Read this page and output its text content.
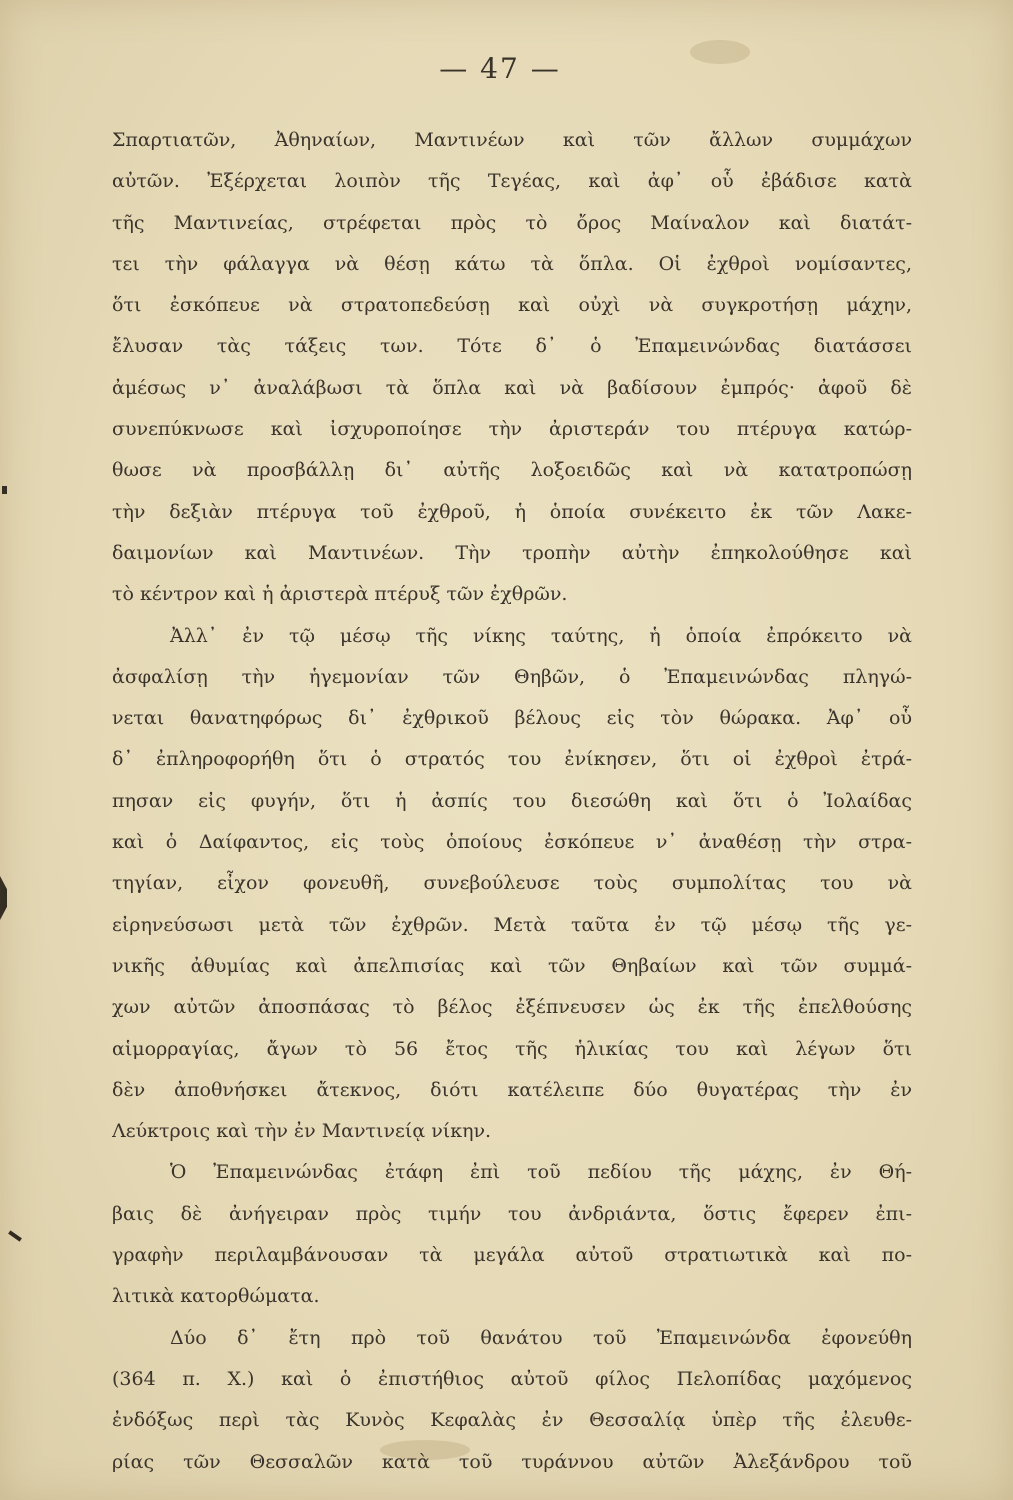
— 47 —
Σπαρτιατῶν, Ἀθηναίων, Μαντινέων καὶ τῶν ἄλλων συμμάχων
αὐτῶν. Ἐξέρχεται λοιπὸν τῆς Τεγέας, καὶ ἀφ᾽ οὗ ἐβάδισε κατὰ
τῆς Μαντινείας, στρέφεται πρὸς τὸ ὄρος Μαίναλον καὶ διατάτ-
τει τὴν φάλαγγα νὰ θέσῃ κάτω τὰ ὅπλα. Οἱ ἐχθροὶ νομίσαντες,
ὅτι ἐσκόπευε νὰ στρατοπεδεύσῃ καὶ οὐχὶ νὰ συγκροτήσῃ μάχην,
ἔλυσαν τὰς τάξεις των. Τότε δ᾽ ὁ Ἐπαμεινώνδας διατάσσει
ἀμέσως ν᾽ ἀναλάβωσι τὰ ὅπλα καὶ νὰ βαδίσουν ἐμπρός· ἀφοῦ δὲ
συνεπύκνωσε καὶ ἰσχυροποίησε τὴν ἀριστεράν του πτέρυγα κατώρ-
θωσε νὰ προσβάλλῃ δι᾽ αὐτῆς λοξοειδῶς καὶ νὰ κατατροπώσῃ
τὴν δεξιὰν πτέρυγα τοῦ ἐχθροῦ, ἡ ὁποία συνέκειτο ἐκ τῶν Λακε-
δαιμονίων καὶ Μαντινέων. Τὴν τροπὴν αὐτὴν ἐπηκολούθησε καὶ
τὸ κέντρον καὶ ἡ ἀριστερὰ πτέρυξ τῶν ἐχθρῶν.
Ἀλλ᾽ ἐν τῷ μέσῳ τῆς νίκης ταύτης, ἡ ὁποία ἐπρόκειτο νὰ
ἀσφαλίσῃ τὴν ἡγεμονίαν τῶν Θηβῶν, ὁ Ἐπαμεινώνδας πληγώ-
νεται θανατηφόρως δι᾽ ἐχθρικοῦ βέλους εἰς τὸν θώρακα. Ἀφ᾽ οὗ
δ᾽ ἐπληροφορήθη ὅτι ὁ στρατός του ἐνίκησεν, ὅτι οἱ ἐχθροὶ ἐτρά-
πησαν εἰς φυγήν, ὅτι ἡ ἀσπίς του διεσώθη καὶ ὅτι ὁ Ἰολαίδας
καὶ ὁ Δαίφαντος, εἰς τοὺς ὁποίους ἐσκόπευε ν᾽ ἀναθέσῃ τὴν στρα-
τηγίαν, εἶχον φονευθῆ, συνεβούλευσε τοὺς συμπολίτας του νὰ
εἰρηνεύσωσι μετὰ τῶν ἐχθρῶν. Μετὰ ταῦτα ἐν τῷ μέσῳ τῆς γε-
νικῆς ἀθυμίας καὶ ἀπελπισίας καὶ τῶν Θηβαίων καὶ τῶν συμμά-
χων αὐτῶν ἀποσπάσας τὸ βέλος ἐξέπνευσεν ὡς ἐκ τῆς ἐπελθούσης
αἱμορραγίας, ἄγων τὸ 56 ἔτος τῆς ἡλικίας του καὶ λέγων ὅτι
δὲν ἀποθνήσκει ἄτεκνος, διότι κατέλειπε δύο θυγατέρας τὴν ἐν
Λεύκτροις καὶ τὴν ἐν Μαντινείᾳ νίκην.
Ὁ Ἐπαμεινώνδας ἐτάφη ἐπὶ τοῦ πεδίου τῆς μάχης, ἐν Θή-
βαις δὲ ἀνήγειραν πρὸς τιμήν του ἀνδριάντα, ὅστις ἔφερεν ἐπι-
γραφὴν περιλαμβάνουσαν τὰ μεγάλα αὐτοῦ στρατιωτικὰ καὶ πο-
λιτικὰ κατορθώματα.
Δύο δ᾽ ἔτη πρὸ τοῦ θανάτου τοῦ Ἐπαμεινώνδα ἐφονεύθη
(364 π. Χ.) καὶ ὁ ἐπιστήθιος αὐτοῦ φίλος Πελοπίδας μαχόμενος
ἐνδόξως περὶ τὰς Κυνὸς Κεφαλὰς ἐν Θεσσαλίᾳ ὑπὲρ τῆς ἐλευθε-
ρίας τῶν Θεσσαλῶν κατὰ τοῦ τυράννου αὐτῶν Ἀλεξάνδρου τοῦ
